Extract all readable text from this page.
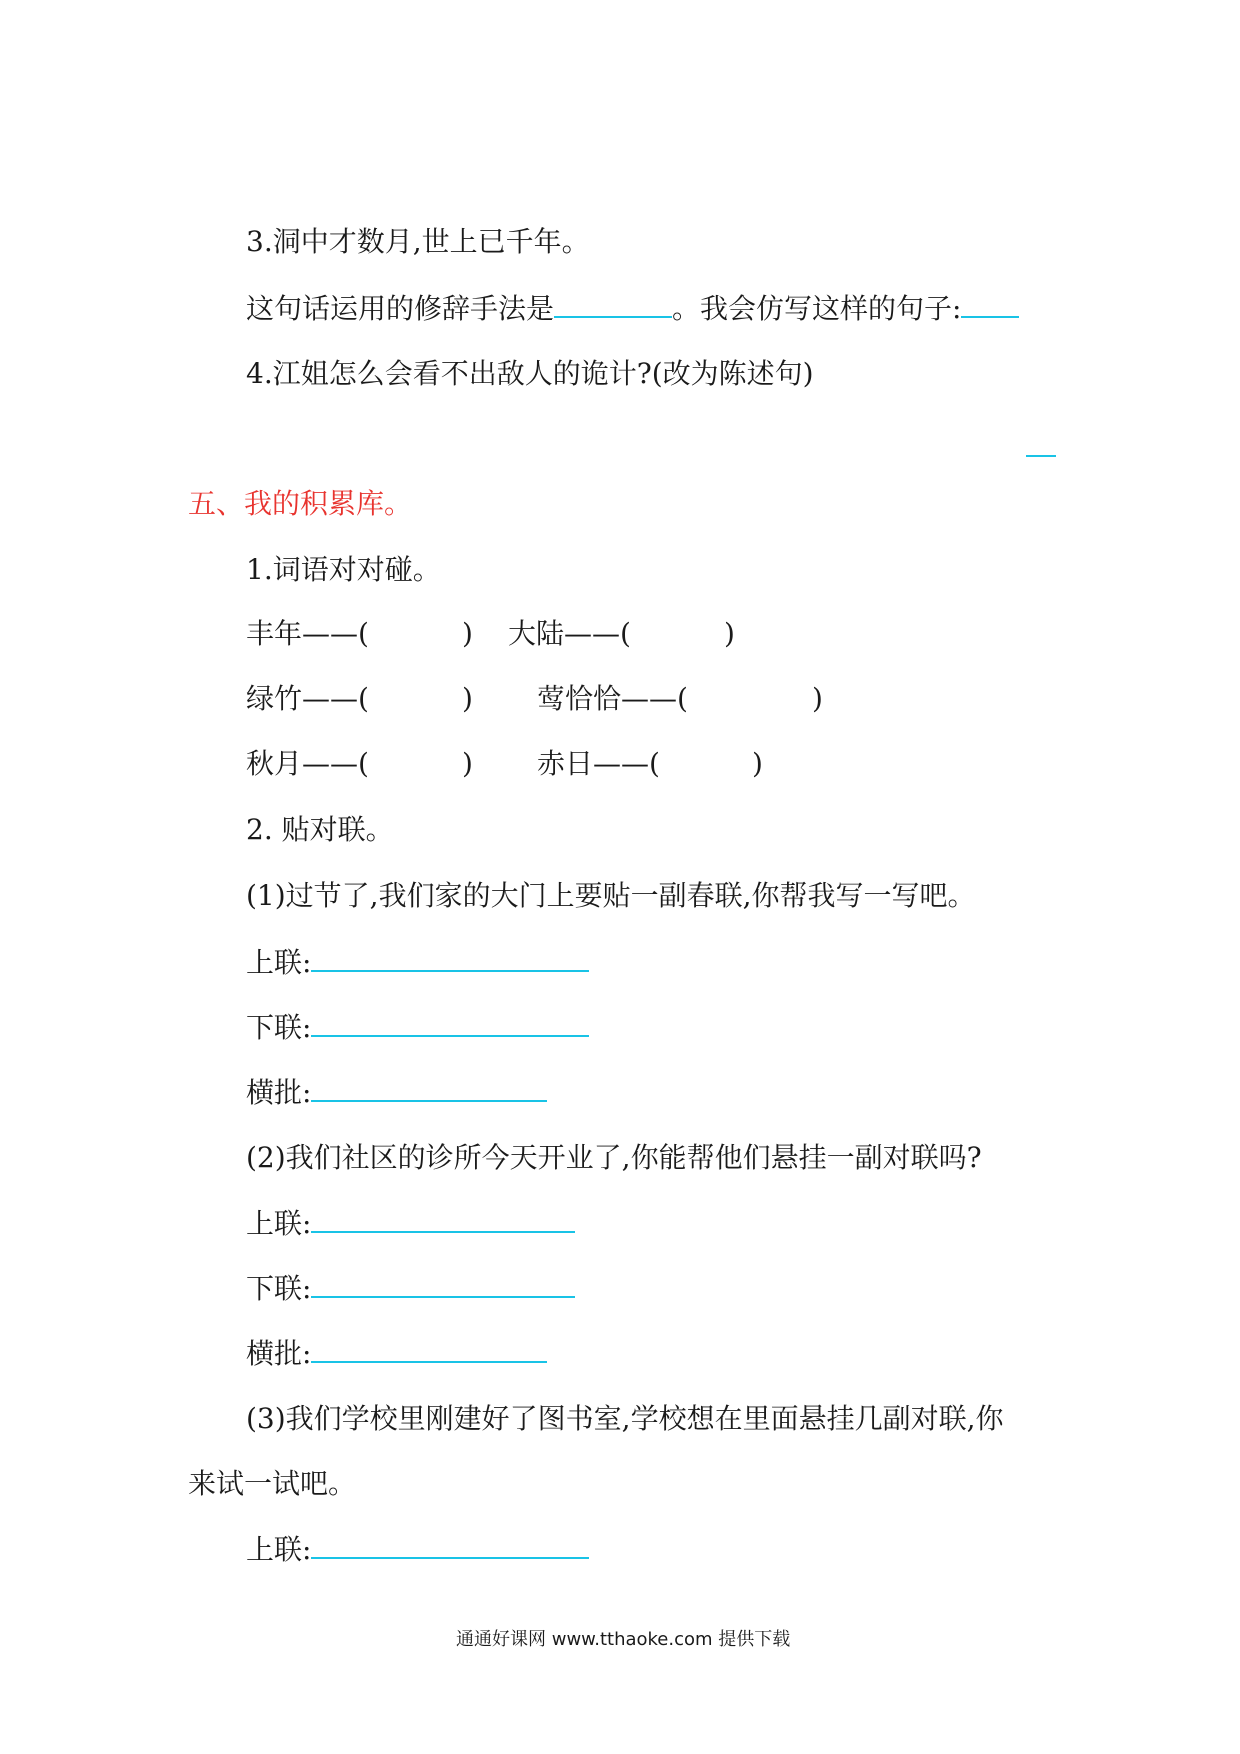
3.洞中才数月,世上已千年。
这句话运用的修辞手法是	。我会仿写这样的句子:
4.江姐怎么会看不出敌人的诡计?(改为陈述句)
五、我的积累库。
1.词语对对碰。
丰年——(	) 大陆——(	)
绿竹——(	) 莺恰恰——(	)
秋月——(	) 赤日——(	)
2. 贴对联。
(1)过节了,我们家的大门上要贴一副春联,你帮我写一写吧。
上联:
下联:
横批:
(2)我们社区的诊所今天开业了,你能帮他们悬挂一副对联吗?
上联:
下联:
横批:
(3)我们学校里刚建好了图书室,学校想在里面悬挂几副对联,你
来试一试吧。
上联:
通通好课网 www.tthaoke.com 提供下载
